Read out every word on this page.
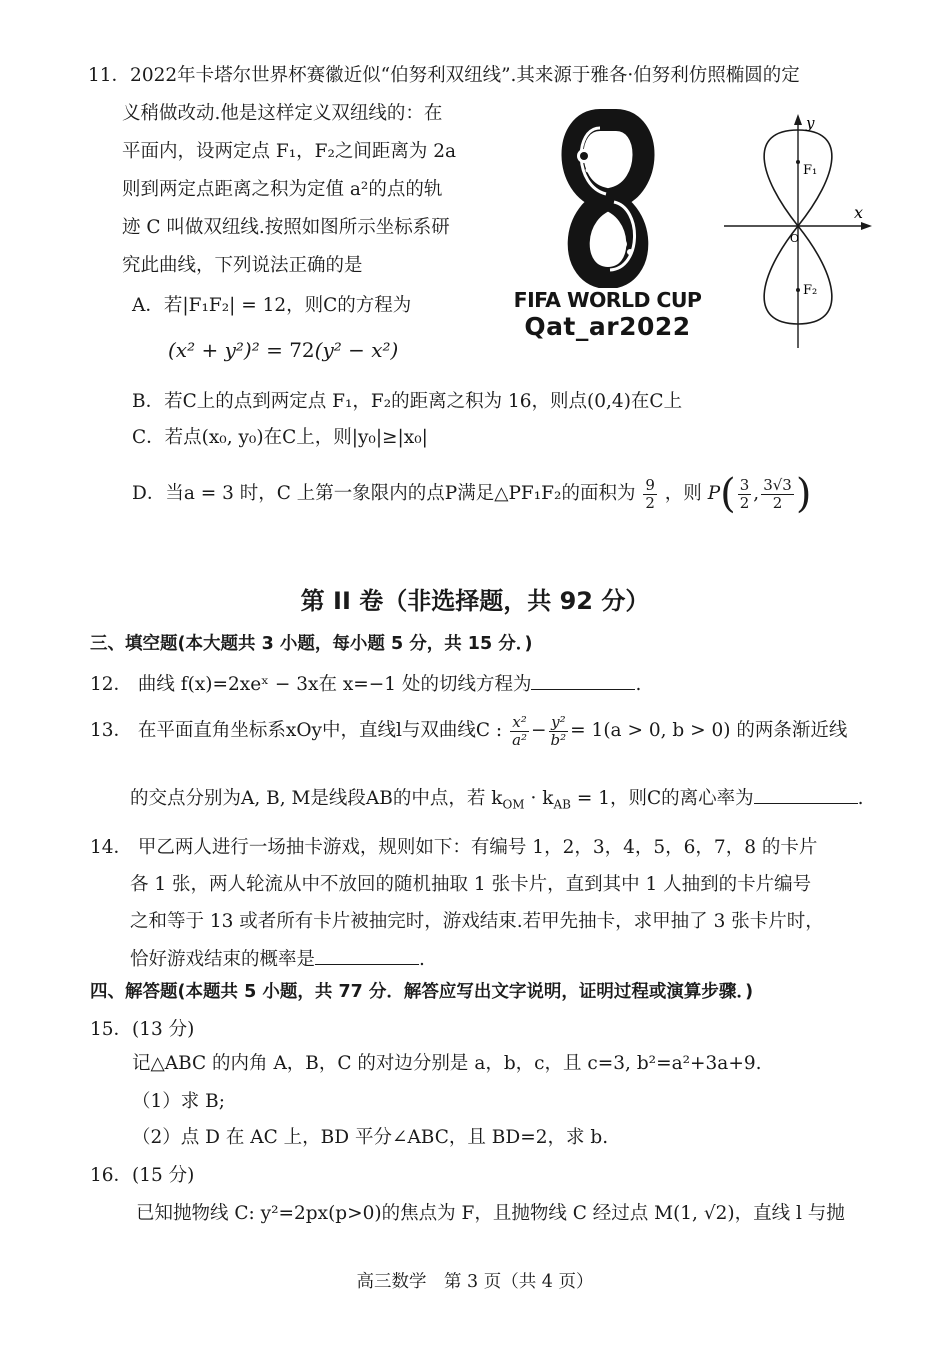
11．2022年卡塔尔世界杯赛徽近似“伯努利双纽线”.其来源于雅各·伯努利仿照椭圆的定
义稍做改动.他是这样定义双纽线的：在
平面内，设两定点 F₁，F₂之间距离为 2a
则到两定点距离之积为定值 a²的点的轨
迹 C 叫做双纽线.按照如图所示坐标系研
究此曲线，下列说法正确的是
A．若|F₁F₂| = 12，则C的方程为
(x² + y²)² = 72(y² − x²)
B．若C上的点到两定点 F₁，F₂的距离之积为 16，则点(0,4)在C上
C．若点(x₀, y₀)在C上，则|y₀|≥|x₀|
D．当a = 3 时，C 上第一象限内的点P满足△PF₁F₂的面积为 $\frac{9}{2}$ ，则 $P( \frac{3}{2}$ , $\frac{3√3}{2}$ )
FIFA WORLD CUP
Qat_ar2022
y
x
F₁
F₂
O
第 II 卷（非选择题，共 92 分）
三、填空题(本大题共 3 小题，每小题 5 分，共 15 分．)
12． 曲线 f(x)=2xeˣ − 3x在 x=−1 处的切线方程为	.
13． 在平面直角坐标系xOy中，直线l与双曲线C : $\frac{\text{x²}}{\text{a²}} - \frac{\text{y²}}{\text{b²}} = 1(a > 0$, b > 0) 的两条渐近线
的交点分别为A, B, M是线段AB的中点，若 $k_{OM} \cdot k_{AB} = 1$，则C的离心率为	.
14． 甲乙两人进行一场抽卡游戏，规则如下：有编号 1，2，3，4，5，6，7，8 的卡片
各 1 张，两人轮流从中不放回的随机抽取 1 张卡片，直到其中 1 人抽到的卡片编号
之和等于 13 或者所有卡片被抽完时，游戏结束.若甲先抽卡，求甲抽了 3 张卡片时，
恰好游戏结束的概率是	.
四、解答题(本题共 5 小题，共 77 分．解答应写出文字说明，证明过程或演算步骤．)
15．(13 分)
记△ABC 的内角 A，B，C 的对边分别是 a，b，c，且 c=3, b²=a²+3a+9.
（1）求 B;
（2）点 D 在 AC 上，BD 平分∠ABC，且 BD=2，求 b.
16．(15 分)
已知抛物线 C: y²=2px(p>0)的焦点为 F，且抛物线 C 经过点 M(1, √2)，直线 l 与抛
高三数学　第 3 页（共 4 页）
